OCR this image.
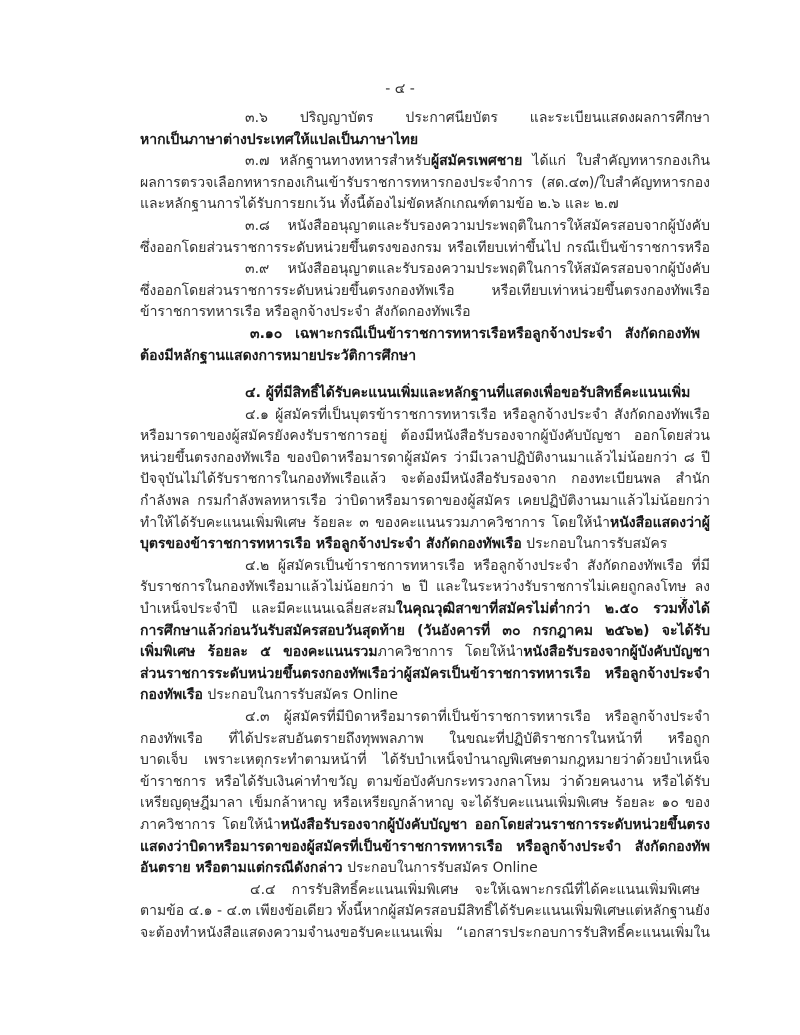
- ๔ -
๓.๖ ปริญญาบัตร ประกาศนียบัตร และระเบียนแสดงผลการศึกษา
หากเป็นภาษาต่างประเทศให้แปลเป็นภาษาไทย
๓.๗ หลักฐานทางทหารสำหรับผู้สมัครเพศชาย ได้แก่ ใบสำคัญทหารกองเกิน
ผลการตรวจเลือกทหารกองเกินเข้ารับราชการทหารกองประจำการ (สด.๔๓)/ใบสำคัญทหารกอง
และหลักฐานการได้รับการยกเว้น ทั้งนี้ต้องไม่ขัดหลักเกณฑ์ตามข้อ ๒.๖ และ ๒.๗
๓.๘ หนังสืออนุญาตและรับรองความประพฤติในการให้สมัครสอบจากผู้บังคับ
ซึ่งออกโดยส่วนราชการระดับหน่วยขึ้นตรงของกรม หรือเทียบเท่าขึ้นไป กรณีเป็นข้าราชการหรือ
๓.๙ หนังสืออนุญาตและรับรองความประพฤติในการให้สมัครสอบจากผู้บังคับ
ซึ่งออกโดยส่วนราชการระดับหน่วยขึ้นตรงกองทัพเรือ หรือเทียบเท่าหน่วยขึ้นตรงกองทัพเรือ
ข้าราชการทหารเรือ หรือลูกจ้างประจำ สังกัดกองทัพเรือ
๓.๑๐ เฉพาะกรณีเป็นข้าราชการทหารเรือหรือลูกจ้างประจำ สังกัดกองทัพ
ต้องมีหลักฐานแสดงการหมายประวัติการศึกษา
๔. ผู้ที่มีสิทธิ์ได้รับคะแนนเพิ่มและหลักฐานที่แสดงเพื่อขอรับสิทธิ์คะแนนเพิ่ม
๔.๑ ผู้สมัครที่เป็นบุตรข้าราชการทหารเรือ หรือลูกจ้างประจำ สังกัดกองทัพเรือ
หรือมารดาของผู้สมัครยังคงรับราชการอยู่ ต้องมีหนังสือรับรองจากผู้บังคับบัญชา ออกโดยส่วน
หน่วยขึ้นตรงกองทัพเรือ ของบิดาหรือมารดาผู้สมัคร ว่ามีเวลาปฏิบัติงานมาแล้วไม่น้อยกว่า ๘ ปี
ปัจจุบันไม่ได้รับราชการในกองทัพเรือแล้ว จะต้องมีหนังสือรับรองจาก กองทะเบียนพล สำนัก
กำลังพล กรมกำลังพลทหารเรือ ว่าบิดาหรือมารดาของผู้สมัคร เคยปฏิบัติงานมาแล้วไม่น้อยกว่า
ทำให้ได้รับคะแนนเพิ่มพิเศษ ร้อยละ ๓ ของคะแนนรวมภาควิชาการ โดยให้นำหนังสือแสดงว่าผู้
บุตรของข้าราชการทหารเรือ หรือลูกจ้างประจำ สังกัดกองทัพเรือ ประกอบในการรับสมัคร
๔.๒ ผู้สมัครเป็นข้าราชการทหารเรือ หรือลูกจ้างประจำ สังกัดกองทัพเรือ ที่มี
รับราชการในกองทัพเรือมาแล้วไม่น้อยกว่า ๒ ปี และในระหว่างรับราชการไม่เคยถูกลงโทษ ลง
บำเหน็จประจำปี และมีคะแนนเฉลี่ยสะสมในคุณวุฒิสาขาที่สมัครไม่ต่ำกว่า ๒.๕๐ รวมทั้งได้
การศึกษาแล้วก่อนวันรับสมัครสอบวันสุดท้าย (วันอังคารที่ ๓๐ กรกฎาคม ๒๕๖๒) จะได้รับ
เพิ่มพิเศษ ร้อยละ ๕ ของคะแนนรวมภาควิชาการ โดยให้นำหนังสือรับรองจากผู้บังคับบัญชา
ส่วนราชการระดับหน่วยขึ้นตรงกองทัพเรือว่าผู้สมัครเป็นข้าราชการทหารเรือ หรือลูกจ้างประจำ
กองทัพเรือ ประกอบในการรับสมัคร Online
๔.๓ ผู้สมัครที่มีบิดาหรือมารดาที่เป็นข้าราชการทหารเรือ หรือลูกจ้างประจำ
กองทัพเรือ ที่ได้ประสบอันตรายถึงทุพพลภาพ ในขณะที่ปฏิบัติราชการในหน้าที่ หรือถูก
บาดเจ็บ เพราะเหตุกระทำตามหน้าที่ ได้รับบำเหน็จบำนาญพิเศษตามกฎหมายว่าด้วยบำเหน็จ
ข้าราชการ หรือได้รับเงินค่าทำขวัญ ตามข้อบังคับกระทรวงกลาโหม ว่าด้วยคนงาน หรือได้รับ
เหรียญดุษฎีมาลา เข็มกล้าหาญ หรือเหรียญกล้าหาญ จะได้รับคะแนนเพิ่มพิเศษ ร้อยละ ๑๐ ของ
ภาควิชาการ โดยให้นำหนังสือรับรองจากผู้บังคับบัญชา ออกโดยส่วนราชการระดับหน่วยขึ้นตรง
แสดงว่าบิดาหรือมารดาของผู้สมัครที่เป็นข้าราชการทหารเรือ หรือลูกจ้างประจำ สังกัดกองทัพ
อันตราย หรือตามแต่กรณีดังกล่าว ประกอบในการรับสมัคร Online
๔.๔ การรับสิทธิ์คะแนนเพิ่มพิเศษ จะให้เฉพาะกรณีที่ได้คะแนนเพิ่มพิเศษ
ตามข้อ ๔.๑ - ๔.๓ เพียงข้อเดียว ทั้งนี้หากผู้สมัครสอบมีสิทธิ์ได้รับคะแนนเพิ่มพิเศษแต่หลักฐานยัง
จะต้องทำหนังสือแสดงความจำนงขอรับคะแนนเพิ่ม “เอกสารประกอบการรับสิทธิ์คะแนนเพิ่มใน
